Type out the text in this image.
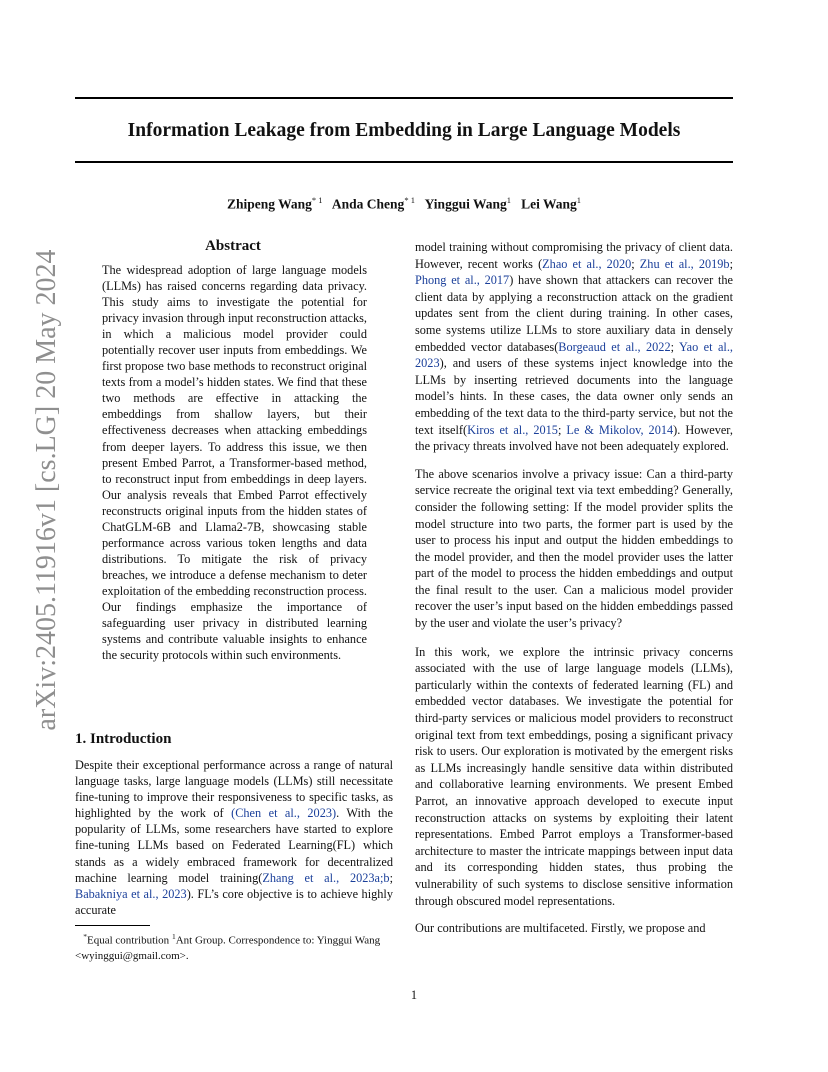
arXiv:2405.11916v1 [cs.LG] 20 May 2024
Information Leakage from Embedding in Large Language Models
Zhipeng Wang$^{* 1}$ Anda Cheng$^{* 1}$ Yinggui Wang$^1$ Lei Wang$^1$
Abstract
The widespread adoption of large language models (LLMs) has raised concerns regarding data privacy. This study aims to investigate the potential for privacy invasion through input reconstruction attacks, in which a malicious model provider could potentially recover user inputs from embeddings. We first propose two base methods to reconstruct original texts from a model’s hidden states. We find that these two methods are effective in attacking the embeddings from shallow layers, but their effectiveness decreases when attacking embeddings from deeper layers. To address this issue, we then present Embed Parrot, a Transformer-based method, to reconstruct input from embeddings in deep layers. Our analysis reveals that Embed Parrot effectively reconstructs original inputs from the hidden states of ChatGLM-6B and Llama2-7B, showcasing stable performance across various token lengths and data distributions. To mitigate the risk of privacy breaches, we introduce a defense mechanism to deter exploitation of the embedding reconstruction process. Our findings emphasize the importance of safeguarding user privacy in distributed learning systems and contribute valuable insights to enhance the security protocols within such environments.
1. Introduction
Despite their exceptional performance across a range of natural language tasks, large language models (LLMs) still necessitate fine-tuning to improve their responsiveness to specific tasks, as highlighted by the work of (Chen et al., 2023). With the popularity of LLMs, some researchers have started to explore fine-tuning LLMs based on Federated Learning(FL) which stands as a widely embraced framework for decentralized machine learning model training(Zhang et al., 2023a;b; Babakniya et al., 2023). FL’s core objective is to achieve highly accurate
*Equal contribution $^1$Ant Group. Correspondence to: Yinggui Wang <wyinggui@gmail.com>.

model training without compromising the privacy of client data. However, recent works (Zhao et al., 2020; Zhu et al., 2019b; Phong et al., 2017) have shown that attackers can recover the client data by applying a reconstruction attack on the gradient updates sent from the client during training. In other cases, some systems utilize LLMs to store auxiliary data in densely embedded vector databases(Borgeaud et al., 2022; Yao et al., 2023), and users of these systems inject knowledge into the LLMs by inserting retrieved documents into the language model’s hints. In these cases, the data owner only sends an embedding of the text data to the third-party service, but not the text itself(Kiros et al., 2015; Le & Mikolov, 2014). However, the privacy threats involved have not been adequately explored.

The above scenarios involve a privacy issue: Can a third-party service recreate the original text via text embedding? Generally, consider the following setting: If the model provider splits the model structure into two parts, the former part is used by the user to process his input and output the hidden embeddings to the model provider, and then the model provider uses the latter part of the model to process the hidden embeddings and output the final result to the user. Can a malicious model provider recover the user’s input based on the hidden embeddings passed by the user and violate the user’s privacy?

In this work, we explore the intrinsic privacy concerns associated with the use of large language models (LLMs), particularly within the contexts of federated learning (FL) and embedded vector databases. We investigate the potential for third-party services or malicious model providers to reconstruct original text from text embeddings, posing a significant privacy risk to users. Our exploration is motivated by the emergent risks as LLMs increasingly handle sensitive data within distributed and collaborative learning environments. We present Embed Parrot, an innovative approach developed to execute input reconstruction attacks on systems by exploiting their latent representations. Embed Parrot employs a Transformer-based architecture to master the intricate mappings between input data and its corresponding hidden states, thus probing the vulnerability of such systems to disclose sensitive information through obscured model representations.

Our contributions are multifaceted. Firstly, we propose and

1
